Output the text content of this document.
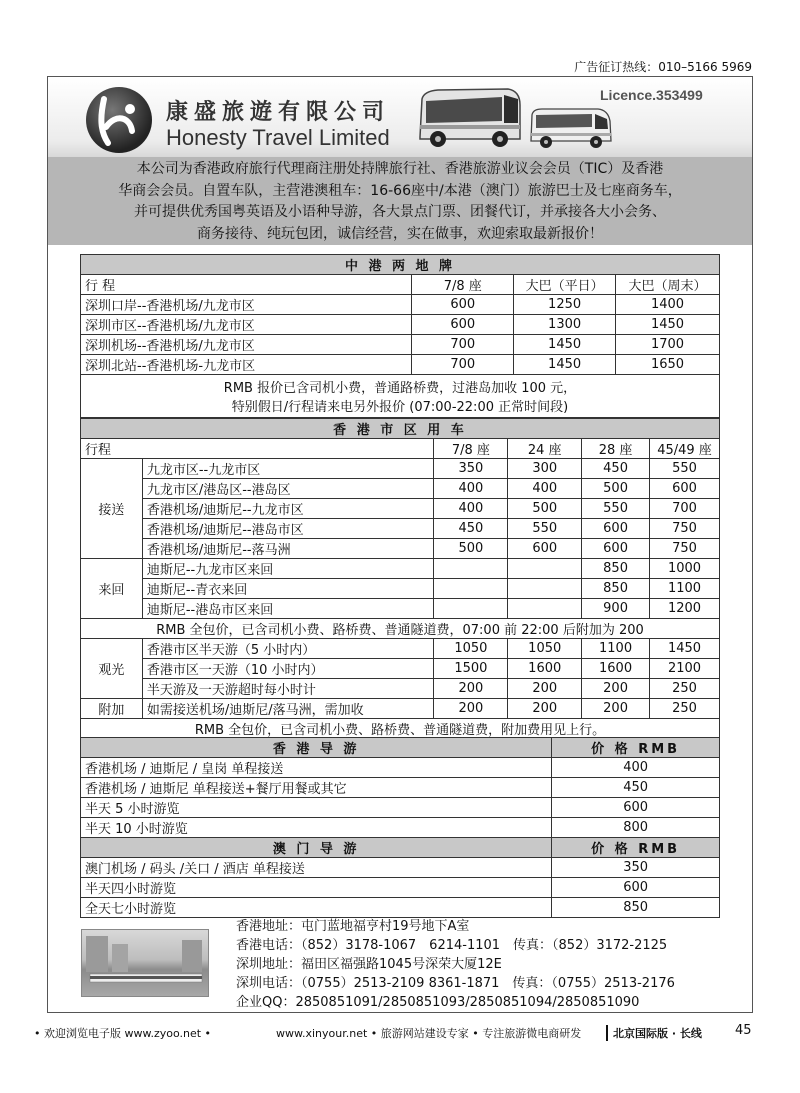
广告征订热线：010–5166 5969
康盛旅遊有限公司
Honesty Travel Limited
Licence.353499
本公司为香港政府旅行代理商注册处持牌旅行社、香港旅游业议会会员（TIC）及香港
华商会会员。自置车队，主营港澳租车：16-66座中/本港（澳门）旅游巴士及七座商务车，
并可提供优秀国粤英语及小语种导游，各大景点门票、团餐代订，并承接各大小会务、
商务接待、纯玩包团，诚信经营，实在做事，欢迎索取最新报价！
中 港 两 地 牌			
行 程	7/8 座	大巴（平日）	大巴（周末）
深圳口岸--香港机场/九龙市区	600	1250	1400
深圳市区--香港机场/九龙市区	600	1300	1450
深圳机场--香港机场/九龙市区	700	1450	1700
深圳北站--香港机场-九龙市区	700	1450	1650
RMB 报价已含司机小费，普通路桥费，过港岛加收 100 元，			
特别假日/行程请来电另外报价 (07:00-22:00 正常时间段)			
香 港 市 区 用 车					
行程		7/8 座	24 座	28 座	45/49 座
接送	九龙市区--九龙市区	350	300	450	550
	九龙市区/港岛区--港岛区	400	400	500	600
	香港机场/迪斯尼--九龙市区	400	500	550	700
	香港机场/迪斯尼--港岛市区	450	550	600	750
	香港机场/迪斯尼--落马洲	500	600	600	750
来回	迪斯尼--九龙市区来回			850	1000
	迪斯尼--青衣来回			850	1100
	迪斯尼--港岛市区来回			900	1200
RMB 全包价，已含司机小费、路桥费、普通隧道费，07:00 前 22:00 后附加为 200					
观光	香港市区半天游（5 小时内）	1050	1050	1100	1450
	香港市区一天游（10 小时内）	1500	1600	1600	2100
	半天游及一天游超时每小时计	200	200	200	250
附加	如需接送机场/迪斯尼/落马洲，需加收	200	200	200	250
RMB 全包价，已含司机小费、路桥费、普通隧道费，附加费用见上行。					
香 港 导 游	价 格 RMB
香港机场 / 迪斯尼 / 皇岗 单程接送	400
香港机场 / 迪斯尼 单程接送+餐厅用餐或其它	450
半天 5 小时游览	600
半天 10 小时游览	800
澳 门 导 游	价 格 RMB
澳门机场 / 码头 /关口 / 酒店 单程接送	350
半天四小时游览	600
全天七小时游览	850
香港地址：屯门蓝地福亨村19号地下A室
香港电话：（852）3178-1067　6214-1101　传真：（852）3172-2125
深圳地址：福田区福强路1045号深荣大厦12E
深圳电话：（0755）2513-2109 8361-1871　传真：（0755）2513-2176
企业QQ：2850851091/2850851093/2850851094/2850851090
• 欢迎浏览电子版 www.zyoo.net •	www.xinyour.net • 旅游网站建设专家 • 专注旅游微电商研发	北京国际版 · 长线	45
